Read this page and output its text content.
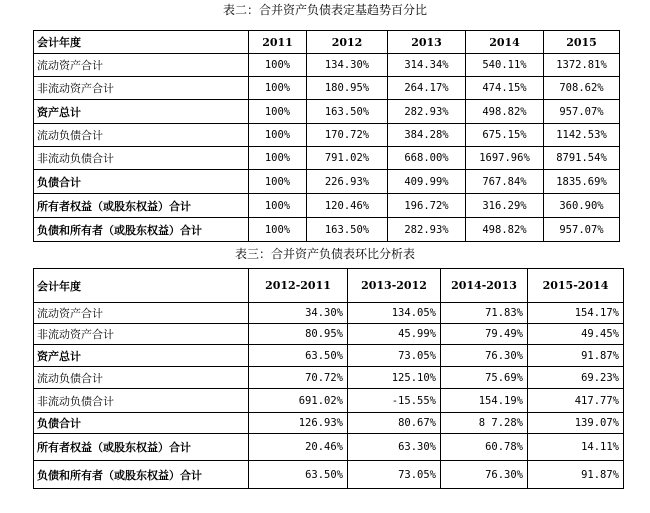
表二：合并资产负债表定基趋势百分比
会计年度	2011	2012	2013	2014	2015
流动资产合计	100%	134.30%	314.34%	540.11%	1372.81%
非流动资产合计	100%	180.95%	264.17%	474.15%	708.62%
资产总计	100%	163.50%	282.93%	498.82%	957.07%
流动负债合计	100%	170.72%	384.28%	675.15%	1142.53%
非流动负债合计	100%	791.02%	668.00%	1697.96%	8791.54%
负债合计	100%	226.93%	409.99%	767.84%	1835.69%
所有者权益（或股东权益）合计	100%	120.46%	196.72%	316.29%	360.90%
负债和所有者（或股东权益）合计	100%	163.50%	282.93%	498.82%	957.07%
表三：合并资产负债表环比分析表
会计年度	2012-2011	2013-2012	2014-2013	2015-2014
流动资产合计	34.30%	134.05%	71.83%	154.17%
非流动资产合计	80.95%	45.99%	79.49%	49.45%
资产总计	63.50%	73.05%	76.30%	91.87%
流动负债合计	70.72%	125.10%	75.69%	69.23%
非流动负债合计	691.02%	-15.55%	154.19%	417.77%
负债合计	126.93%	80.67%	8 7.28%	139.07%
所有者权益（或股东权益）合计	20.46%	63.30%	60.78%	14.11%
负债和所有者（或股东权益）合计	63.50%	73.05%	76.30%	91.87%
